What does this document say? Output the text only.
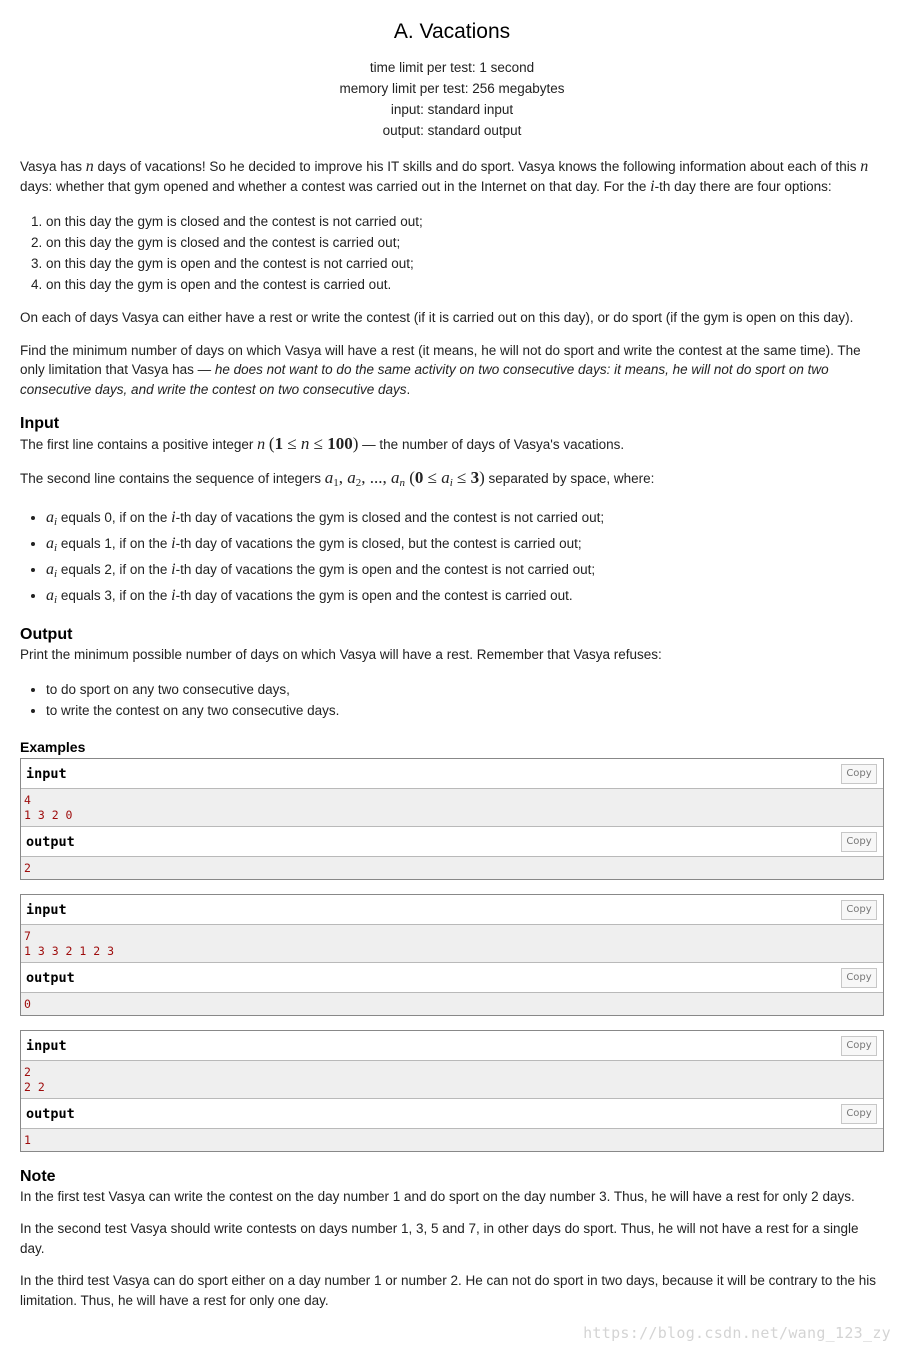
A. Vacations
time limit per test: 1 second
memory limit per test: 256 megabytes
input: standard input
output: standard output

Vasya has n days of vacations! So he decided to improve his IT skills and do sport. Vasya knows the following information about each of this n days: whether that gym opened and whether a contest was carried out in the Internet on that day. For the i-th day there are four options:

1. on this day the gym is closed and the contest is not carried out;
2. on this day the gym is closed and the contest is carried out;
3. on this day the gym is open and the contest is not carried out;
4. on this day the gym is open and the contest is carried out.

On each of days Vasya can either have a rest or write the contest (if it is carried out on this day), or do sport (if the gym is open on this day).

Find the minimum number of days on which Vasya will have a rest (it means, he will not do sport and write the contest at the same time). The only limitation that Vasya has — he does not want to do the same activity on two consecutive days: it means, he will not do sport on two consecutive days, and write the contest on two consecutive days.

Input

The first line contains a positive integer n (1 ≤ n ≤ 100) — the number of days of Vasya's vacations.

The second line contains the sequence of integers $a_1$, $a_2$, ..., $a_n$ $(0 \le a_i \le 3)$ separated by space, where:

• $a_i$ equals 0, if on the i-th day of vacations the gym is closed and the contest is not carried out;
• $a_i$ equals 1, if on the i-th day of vacations the gym is closed, but the contest is carried out;
• $a_i$ equals 2, if on the i-th day of vacations the gym is open and the contest is not carried out;
• $a_i$ equals 3, if on the i-th day of vacations the gym is open and the contest is carried out.
Output

Print the minimum possible number of days on which Vasya will have a rest. Remember that Vasya refuses:

• to do sport on any two consecutive days,
• to write the contest on any two consecutive days.
Examples
input	Copy
4
1 3 2 0
output	Copy
2
input	Copy
7
1 3 3 2 1 2 3
output	Copy
0
input	Copy
2
2 2
output	Copy
1
Note

In the first test Vasya can write the contest on the day number 1 and do sport on the day number 3. Thus, he will have a rest for only 2 days.

In the second test Vasya should write contests on days number 1, 3, 5 and 7, in other days do sport. Thus, he will not have a rest for a single day.

In the third test Vasya can do sport either on a day number 1 or number 2. He can not do sport in two days, because it will be contrary to the his limitation. Thus, he will have a rest for only one day.

https://blog.csdn.net/wang_123_zy
